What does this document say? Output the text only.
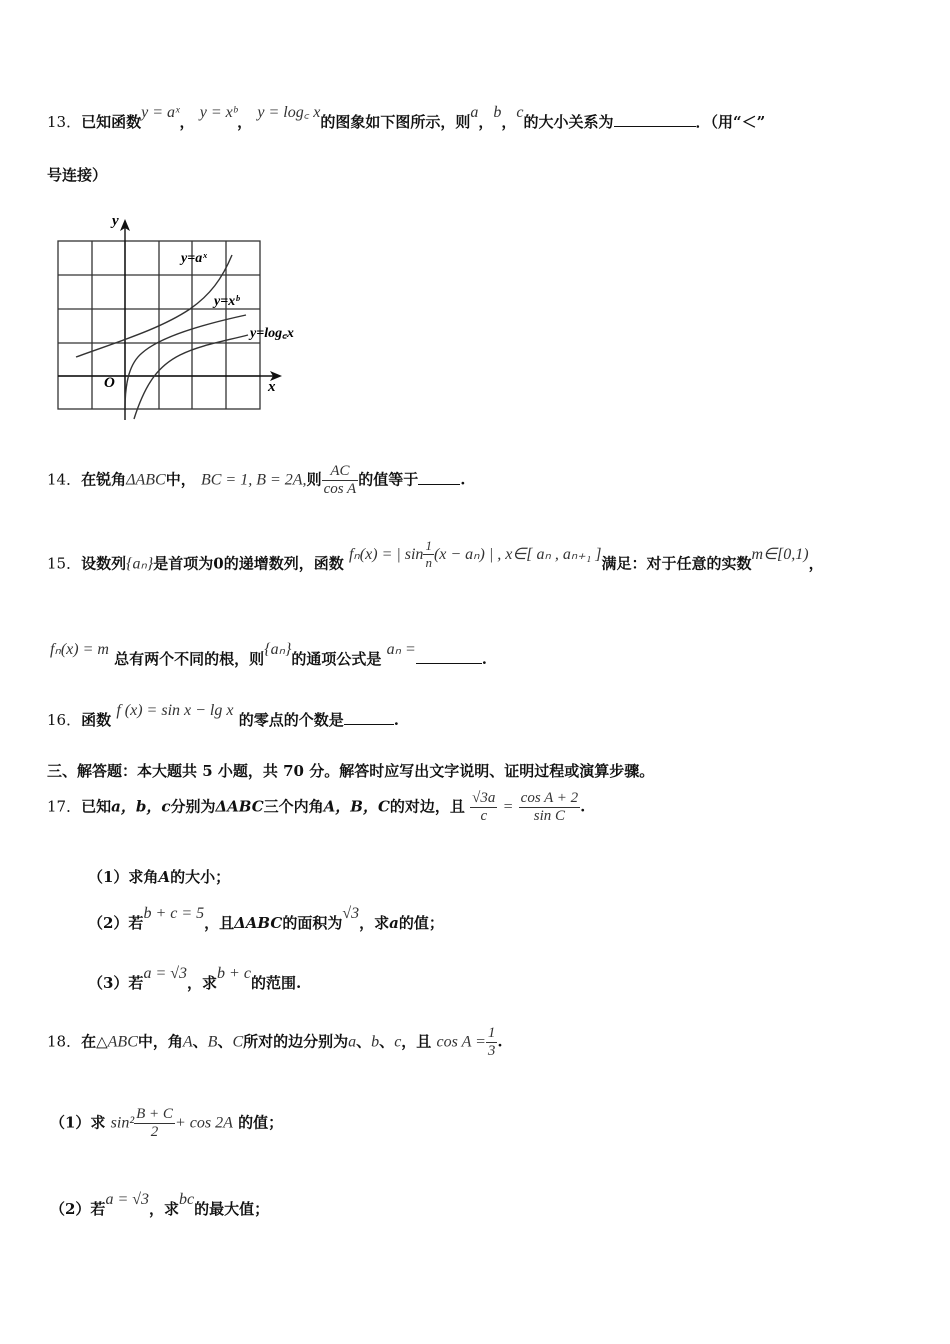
13．已知函数y = aˣ， y = xᵇ， y = log꜀ x的图象如下图所示，则a，b，c的大小关系为	．（用“＜”
号连接）
y
x
O
y=aˣ
y=xᵇ
y=log꜀x
14．在锐角ΔABC中， BC = 1, B = 2A,则 $\frac{AC}{\text{cos A}}$ 的值等于	.
15．设数列{aₙ}是首项为0的递增数列，函数 fₙ(x) = | $\sin \frac{1}{n} (x - a_n)$ | , x∈[ aₙ , aₙ₊₁ ]满足：对于任意的实数m∈[0,1)，
fₙ(x) = m 总有两个不同的根，则{aₙ}的通项公式是 aₙ =.
16．函数 f (x) = sin x − lg x 的零点的个数是	.
三、解答题：本大题共 5 小题，共 70 分。解答时应写出文字说明、证明过程或演算步骤。
17．已知a，b，c分别为ΔABC三个内角A，B，C的对边，且 $\frac{√3a}{c} = \frac{\text{cos A + 2}}{\text{sin C}}$ .
（1）求角A的大小；
（2）若b + c = 5，且ΔABC的面积为√3，求a的值；
（3）若a = √3，求b + c的范围.
18．在△ABC中，角A、B、C所对的边分别为a、b、c，且 $\cos A = \frac{1}{3}$ .
（1）求 $\sin^2 \frac{B + C}{2} + \cos 2A$ 的值；
（2）若a = √3，求bc的最大值；
